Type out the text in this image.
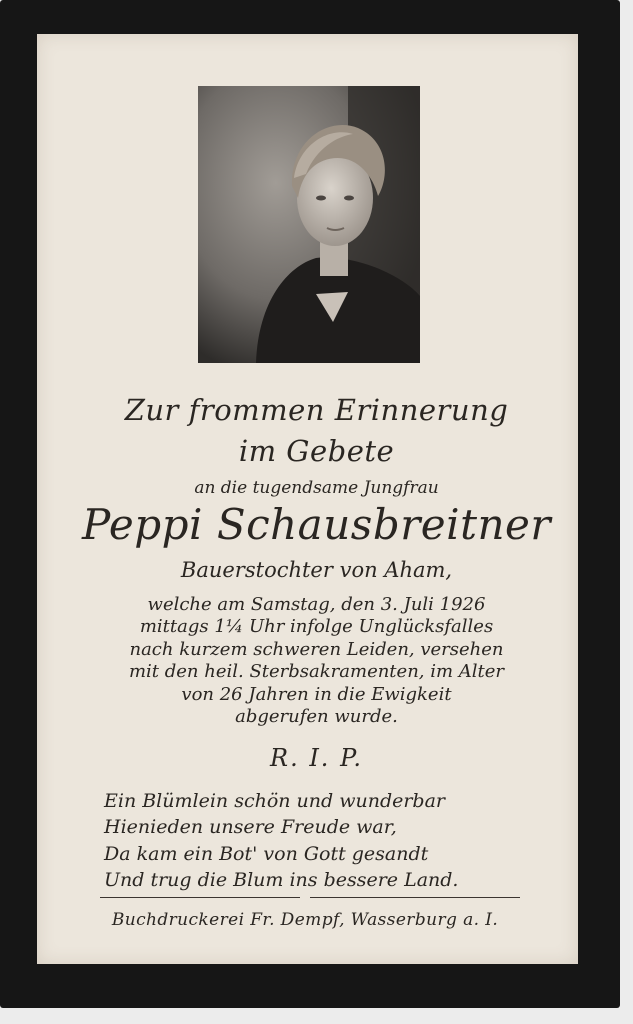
Zur frommen Erinnerung
im Gebete
an die tugendsame Jungfrau
Peppi Schausbreitner
Bauerstochter von Aham,
welche am Samstag, den 3. Juli 1926
mittags 1¼ Uhr infolge Unglücksfalles
nach kurzem schweren Leiden, versehen
mit den heil. Sterbsakramenten, im Alter
von 26 Jahren in die Ewigkeit
abgerufen wurde.
R. I. P.
Ein Blümlein schön und wunderbar
Hienieden unsere Freude war,
Da kam ein Bot' von Gott gesandt
Und trug die Blum ins bessere Land.
Buchdruckerei Fr. Dempf, Wasserburg a. I.
